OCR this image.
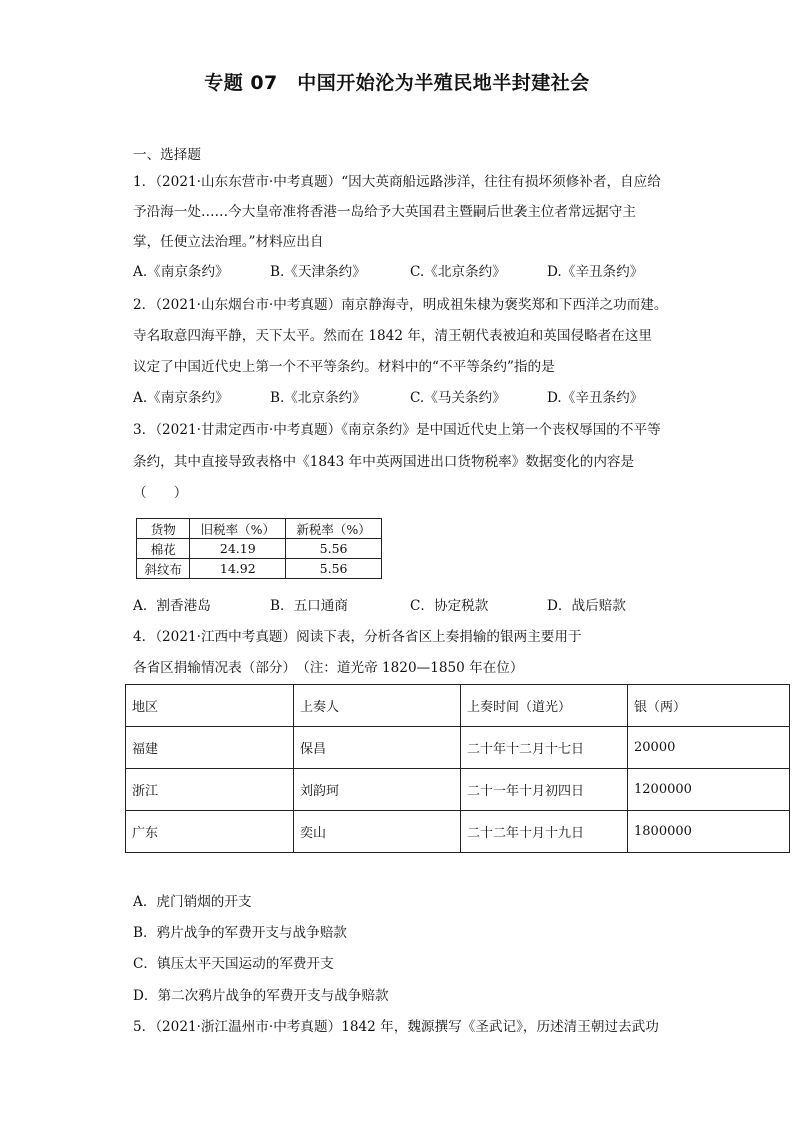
专题 07　中国开始沦为半殖民地半封建社会
一、选择题
1．（2021·山东东营市·中考真题）“因大英商船远路涉洋，往往有损坏须修补者，自应给
予沿海一处……今大皇帝准将香港一岛给予大英国君主暨嗣后世袭主位者常远据守主
掌，任便立法治理。”材料应出自
A.《南京条约》	B.《天津条约》	C.《北京条约》	D.《辛丑条约》
2．（2021·山东烟台市·中考真题）南京静海寺，明成祖朱棣为褒奖郑和下西洋之功而建。
寺名取意四海平静，天下太平。然而在 1842 年，清王朝代表被迫和英国侵略者在这里
议定了中国近代史上第一个不平等条约。材料中的“不平等条约”指的是
A.《南京条约》	B.《北京条约》	C.《马关条约》	D.《辛丑条约》
3．（2021·甘肃定西市·中考真题）《南京条约》是中国近代史上第一个丧权辱国的不平等
条约，其中直接导致表格中《1843 年中英两国进出口货物税率》数据变化的内容是
（　　）
货物	旧税率（%）	新税率（%）
棉花	24.19	5.56
斜纹布	14.92	5.56
A．割香港岛	B．五口通商	C．协定税款	D．战后赔款
4．（2021·江西中考真题）阅读下表，分析各省区上奏捐输的银两主要用于
各省区捐输情况表（部分）　（注：道光帝 1820—1850 年在位）
地区	上奏人	上奏时间（道光）	银（两）
福建	保昌	二十年十二月十七日	20000
浙江	刘韵珂	二十一年十月初四日	1200000
广东	奕山	二十二年十月十九日	1800000
A．虎门销烟的开支
B．鸦片战争的军费开支与战争赔款
C．镇压太平天国运动的军费开支
D．第二次鸦片战争的军费开支与战争赔款
5．（2021·浙江温州市·中考真题）1842 年，魏源撰写《圣武记》，历述清王朝过去武功
